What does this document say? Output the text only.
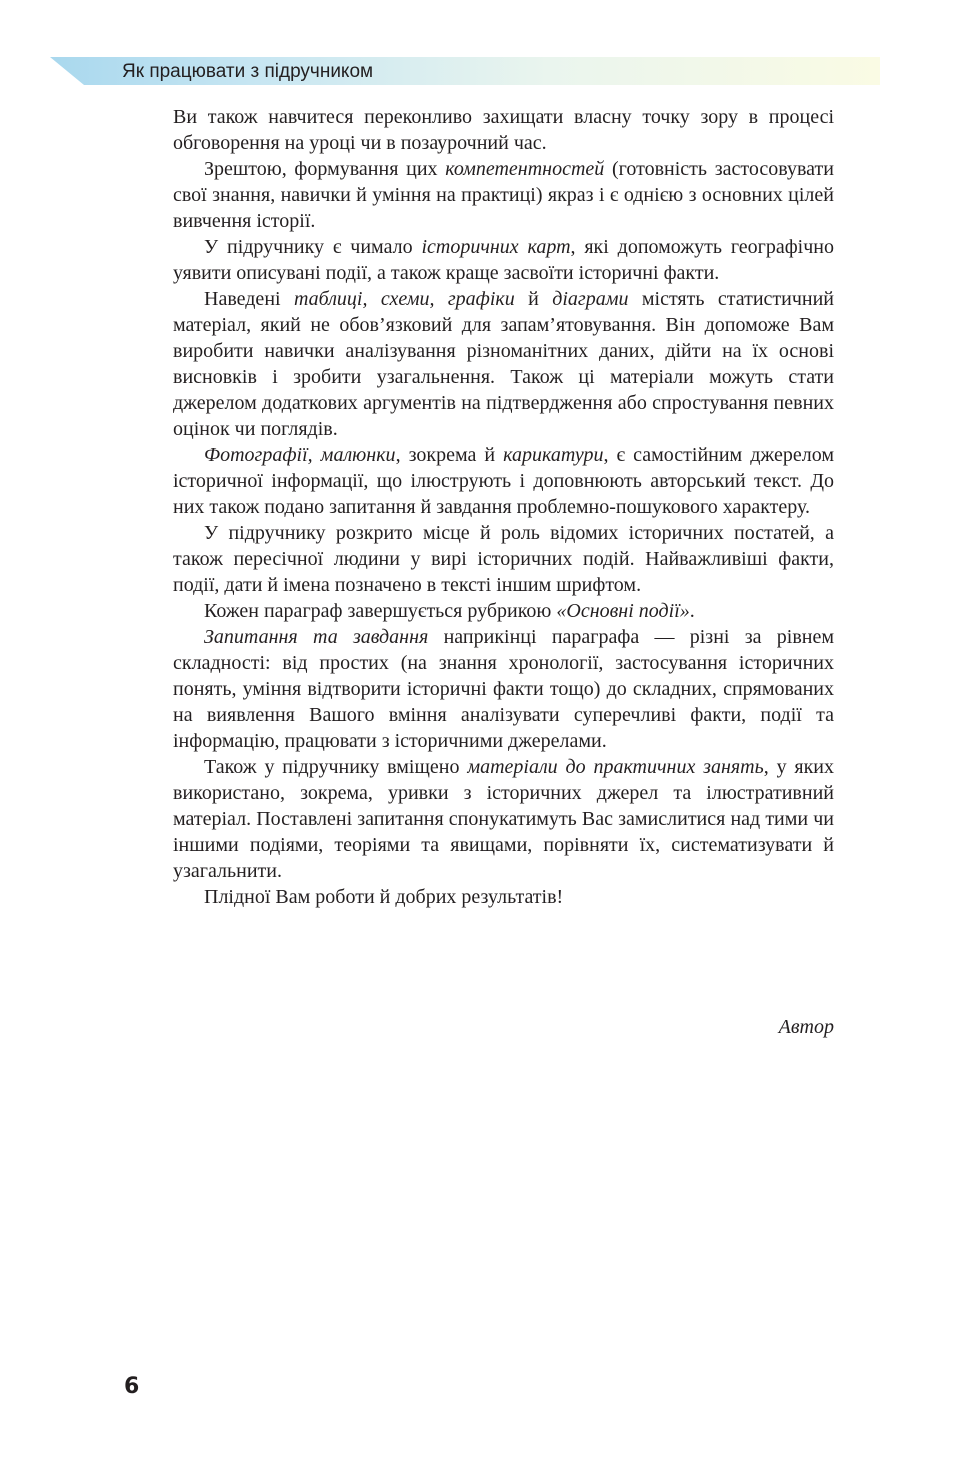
Як працювати з підручником

Ви також навчитеся переконливо захищати власну точку зору в процесі обговорення на уроці чи в позаурочний час.

Зрештою, формування цих компетентностей (готовність застосовувати свої знання, навички й уміння на практиці) якраз і є однією з основних цілей вивчення історії.

У підручнику є чимало історичних карт, які допоможуть географічно уявити описувані події, а також краще засвоїти історичні факти.

Наведені таблиці, схеми, графіки й діаграми містять статистичний матеріал, який не обов’язковий для запам’ятовування. Він допоможе Вам виробити навички аналізування різноманітних даних, дійти на їх основі висновків і зробити узагальнення. Також ці матеріали можуть стати джерелом додаткових аргументів на підтвердження або спростування певних оцінок чи поглядів.

Фотографії, малюнки, зокрема й карикатури, є самостійним джерелом історичної інформації, що ілюструють і доповнюють авторський текст. До них також подано запитання й завдання проблемно-пошукового характеру.

У підручнику розкрито місце й роль відомих історичних постатей, а також пересічної людини у вирі історичних подій. Найважливіші факти, події, дати й імена позначено в тексті іншим шрифтом.

Кожен параграф завершується рубрикою «Основні події».

Запитання та завдання наприкінці параграфа — різні за рівнем складності: від простих (на знання хронології, застосування історичних понять, уміння відтворити історичні факти тощо) до складних, спрямованих на виявлення Вашого вміння аналізувати суперечливі факти, події та інформацію, працювати з історичними джерелами.

Також у підручнику вміщено матеріали до практичних занять, у яких використано, зокрема, уривки з історичних джерел та ілюстративний матеріал. Поставлені запитання спонукатимуть Вас замислитися над тими чи іншими подіями, теоріями та явищами, порівняти їх, систематизувати й узагальнити.

Плідної Вам роботи й добрих результатів!

Автор
6
